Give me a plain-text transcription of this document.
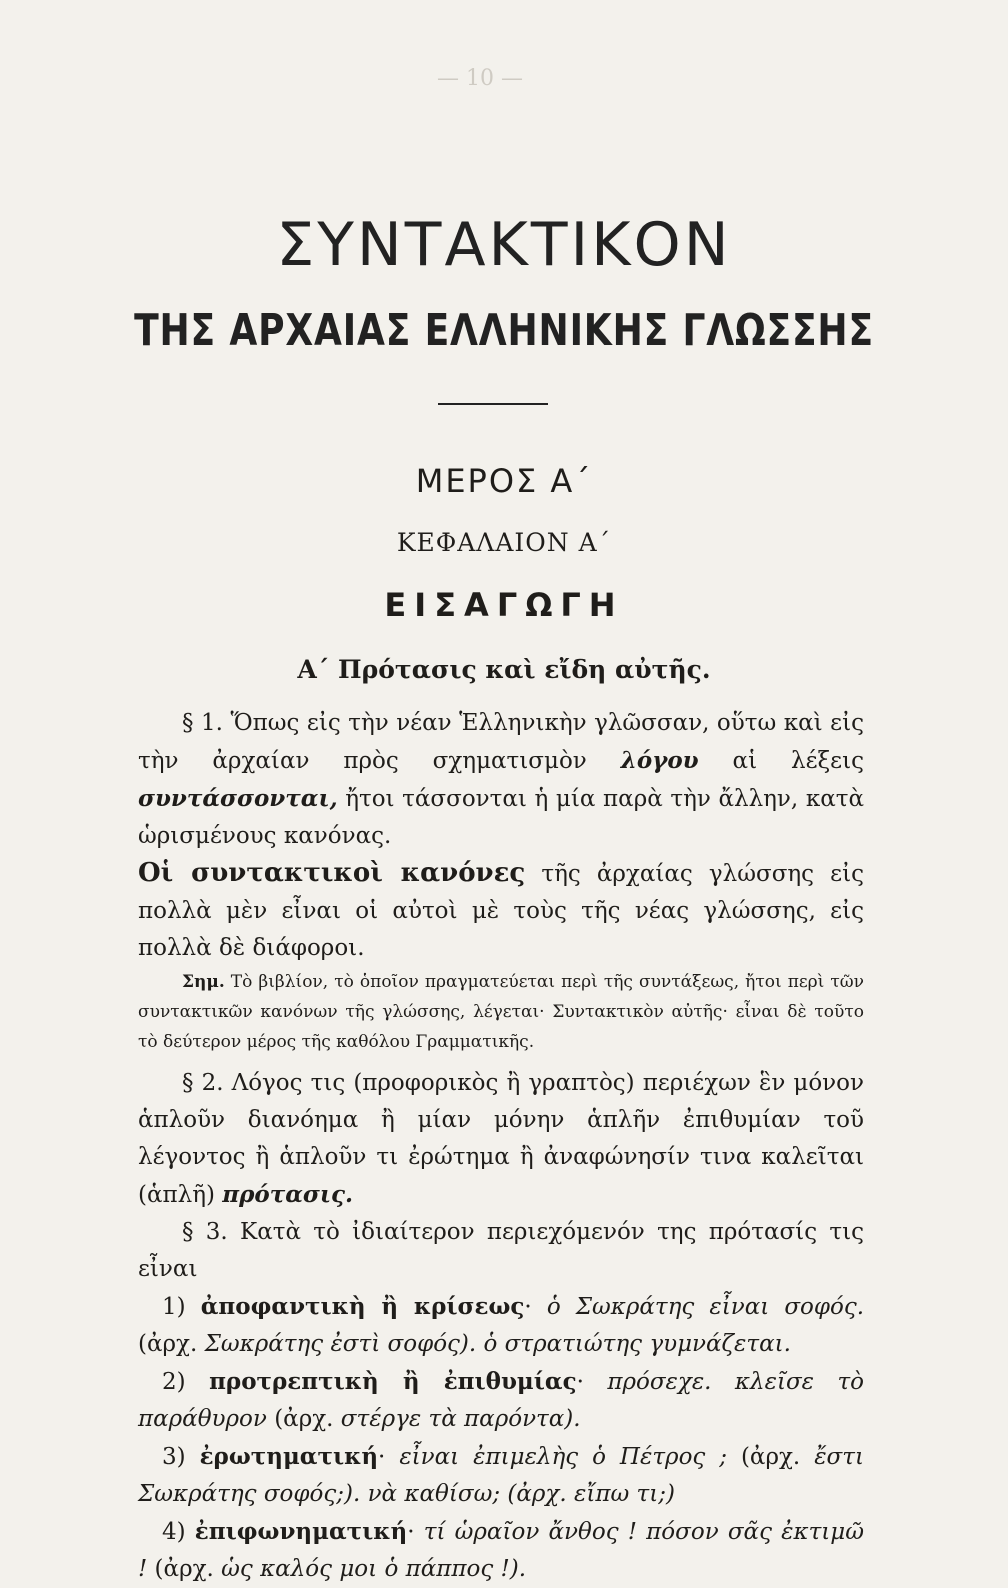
— 10 —
ΣΥΝΤΑΚΤΙΚΟΝ
ΤΗΣ ΑΡΧΑΙΑΣ ΕΛΛΗΝΙΚΗΣ ΓΛΩΣΣΗΣ
ΜΕΡΟΣ Α΄
ΚΕΦΑΛΑΙΟΝ Α΄
ΕΙΣΑΓΩΓΗ
Α΄ Πρότασις καὶ εἴδη αὐτῆς.

§ 1. Ὅπως εἰς τὴν νέαν Ἑλληνικὴν γλῶσσαν, οὕτω καὶ εἰς τὴν ἀρχαίαν πρὸς σχηματισμὸν λόγου αἱ λέξεις συντάσσονται, ἤτοι τάσσονται ἡ μία παρὰ τὴν ἄλλην, κατὰ ὡρισμένους κανόνας.

Οἱ συντακτικοὶ κανόνες τῆς ἀρχαίας γλώσσης εἰς πολλὰ μὲν εἶναι οἱ αὐτοὶ μὲ τοὺς τῆς νέας γλώσσης, εἰς πολλὰ δὲ διάφοροι.

Σημ. Τὸ βιβλίον, τὸ ὁποῖον πραγματεύεται περὶ τῆς συντάξεως, ἤτοι περὶ τῶν συντακτικῶν κανόνων τῆς γλώσσης, λέγεται· Συντακτικὸν αὐτῆς· εἶναι δὲ τοῦτο τὸ δεύτερον μέρος τῆς καθόλου Γραμματικῆς.

§ 2. Λόγος τις (προφορικὸς ἢ γραπτὸς) περιέχων ἓν μόνον ἁπλοῦν διανόημα ἢ μίαν μόνην ἁπλῆν ἐπιθυμίαν τοῦ λέγοντος ἢ ἁπλοῦν τι ἐρώτημα ἢ ἀναφώνησίν τινα καλεῖται (ἁπλῆ) πρότασις.

§ 3. Κατὰ τὸ ἰδιαίτερον περιεχόμενόν της πρότασίς τις εἶναι

1) ἀποφαντικὴ ἢ κρίσεως· ὁ Σωκράτης εἶναι σοφός. (ἀρχ. Σωκράτης ἐστὶ σοφός). ὁ στρατιώτης γυμνάζεται.

2) προτρεπτικὴ ἢ ἐπιθυμίας· πρόσεχε. κλεῖσε τὸ παράθυρον (ἀρχ. στέργε τὰ παρόντα).

3) ἐρωτηματική· εἶναι ἐπιμελὴς ὁ Πέτρος ; (ἀρχ. ἔστι Σωκράτης σοφός;). νὰ καθίσω; (ἀρχ. εἴπω τι;)

4) ἐπιφωνηματική· τί ὡραῖον ἄνθος ! πόσον σᾶς ἐκτιμῶ ! (ἀρχ. ὡς καλός μοι ὁ πάππος !).
